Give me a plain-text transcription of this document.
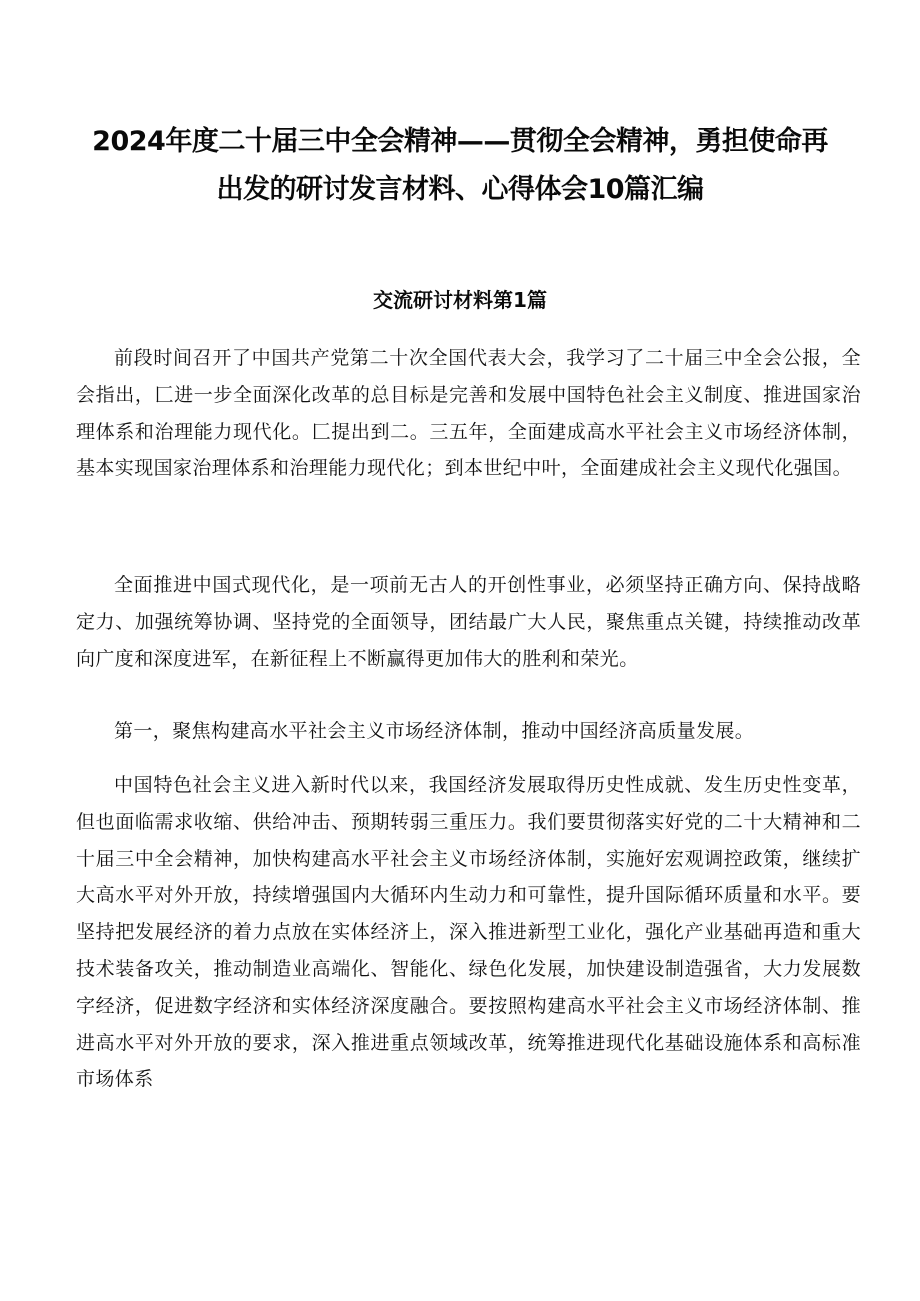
2024年度二十届三中全会精神——贯彻全会精神，勇担使命再出发的研讨发言材料、心得体会10篇汇编
交流研讨材料第1篇

前段时间召开了中国共产党第二十次全国代表大会，我学习了二十届三中全会公报，全会指出，匚进一步全面深化改革的总目标是完善和发展中国特色社会主义制度、推进国家治理体系和治理能力现代化。匚提出到二。三五年，全面建成高水平社会主义市场经济体制，基本实现国家治理体系和治理能力现代化；到本世纪中叶，全面建成社会主义现代化强国。

全面推进中国式现代化，是一项前无古人的开创性事业，必须坚持正确方向、保持战略定力、加强统筹协调、坚持党的全面领导，团结最广大人民，聚焦重点关键，持续推动改革向广度和深度进军，在新征程上不断赢得更加伟大的胜利和荣光。

第一，聚焦构建高水平社会主义市场经济体制，推动中国经济高质量发展。

中国特色社会主义进入新时代以来，我国经济发展取得历史性成就、发生历史性变革，但也面临需求收缩、供给冲击、预期转弱三重压力。我们要贯彻落实好党的二十大精神和二十届三中全会精神，加快构建高水平社会主义市场经济体制，实施好宏观调控政策，继续扩大高水平对外开放，持续增强国内大循环内生动力和可靠性，提升国际循环质量和水平。要坚持把发展经济的着力点放在实体经济上，深入推进新型工业化，强化产业基础再造和重大技术装备攻关，推动制造业高端化、智能化、绿色化发展，加快建设制造强省，大力发展数字经济，促进数字经济和实体经济深度融合。要按照构建高水平社会主义市场经济体制、推进高水平对外开放的要求，深入推进重点领域改革，统筹推进现代化基础设施体系和高标准市场体系
